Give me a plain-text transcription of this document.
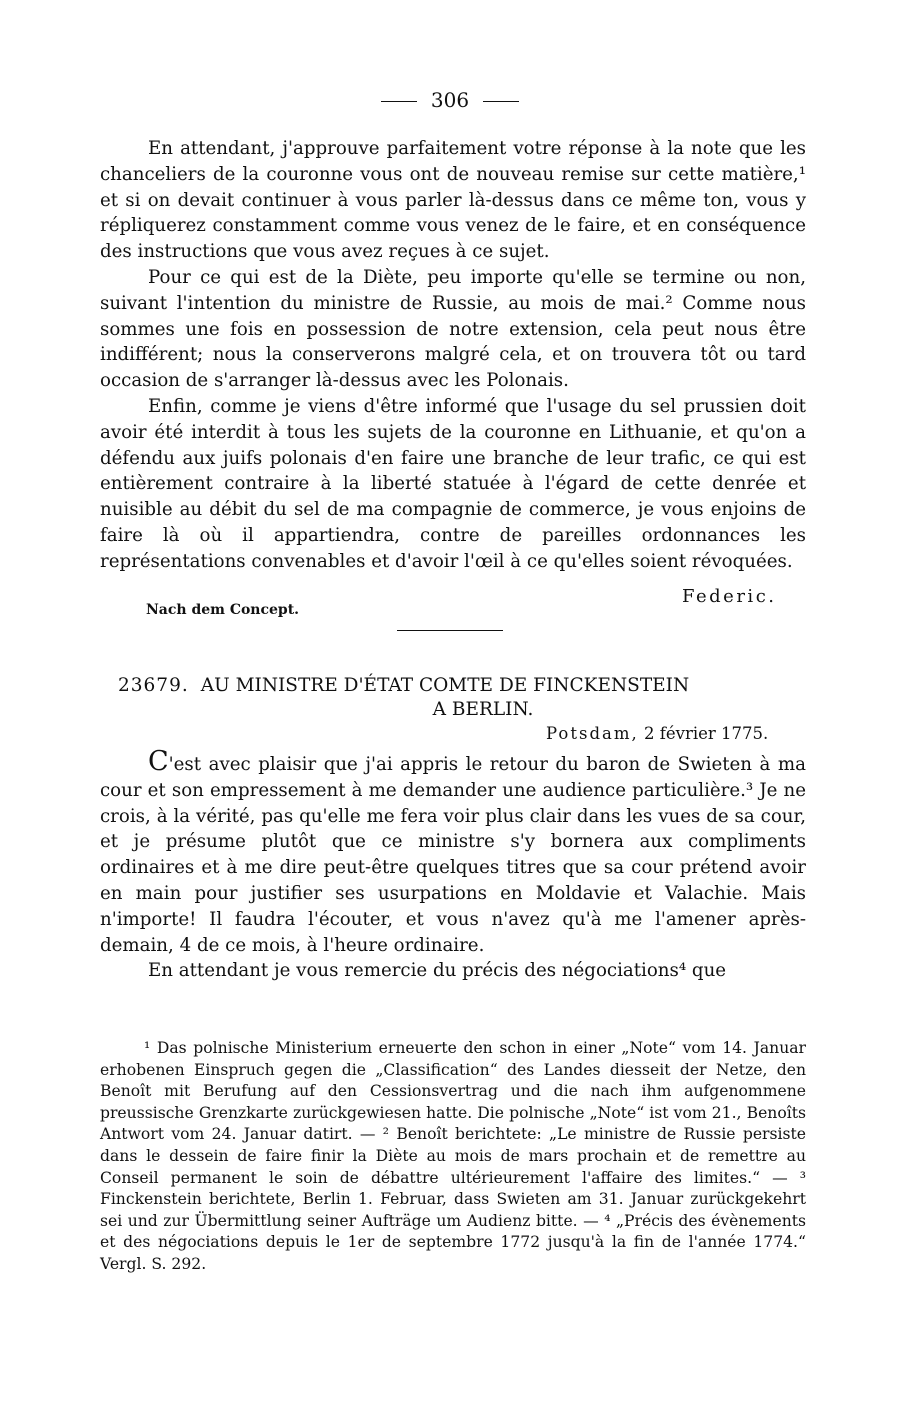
306

En attendant, j'approuve parfaitement votre réponse à la note que les chanceliers de la couronne vous ont de nouveau remise sur cette matière,¹ et si on devait continuer à vous parler là-dessus dans ce même ton, vous y répliquerez constamment comme vous venez de le faire, et en conséquence des instructions que vous avez reçues à ce sujet.

Pour ce qui est de la Diète, peu importe qu'elle se termine ou non, suivant l'intention du ministre de Russie, au mois de mai.² Comme nous sommes une fois en possession de notre extension, cela peut nous être indifférent; nous la conserverons malgré cela, et on trouvera tôt ou tard occasion de s'arranger là-dessus avec les Polonais.

Enfin, comme je viens d'être informé que l'usage du sel prussien doit avoir été interdit à tous les sujets de la couronne en Lithuanie, et qu'on a défendu aux juifs polonais d'en faire une branche de leur trafic, ce qui est entièrement contraire à la liberté statuée à l'égard de cette denrée et nuisible au débit du sel de ma compagnie de commerce, je vous enjoins de faire là où il appartiendra, contre de pareilles ordonnances les représentations convenables et d'avoir l'œil à ce qu'elles soient révoquées.

Federic.
Nach dem Concept.
23679. AU MINISTRE D'ÉTAT COMTE DE FINCKENSTEIN
A BERLIN.
Potsdam, 2 février 1775.

C'est avec plaisir que j'ai appris le retour du baron de Swieten à ma cour et son empressement à me demander une audience particulière.³ Je ne crois, à la vérité, pas qu'elle me fera voir plus clair dans les vues de sa cour, et je présume plutôt que ce ministre s'y bornera aux compliments ordinaires et à me dire peut-être quelques titres que sa cour prétend avoir en main pour justifier ses usurpations en Moldavie et Valachie. Mais n'importe! Il faudra l'écouter, et vous n'avez qu'à me l'amener après-demain, 4 de ce mois, à l'heure ordinaire.

En attendant je vous remercie du précis des négociations⁴ que

¹ Das polnische Ministerium erneuerte den schon in einer „Note“ vom 14. Januar erhobenen Einspruch gegen die „Classification“ des Landes diesseit der Netze, den Benoît mit Berufung auf den Cessionsvertrag und die nach ihm aufgenommene preussische Grenzkarte zurückgewiesen hatte. Die polnische „Note“ ist vom 21., Benoîts Antwort vom 24. Januar datirt. — ² Benoît berichtete: „Le ministre de Russie persiste dans le dessein de faire finir la Diète au mois de mars prochain et de remettre au Conseil permanent le soin de débattre ultérieurement l'affaire des limites.“ — ³ Finckenstein berichtete, Berlin 1. Februar, dass Swieten am 31. Januar zurückgekehrt sei und zur Übermittlung seiner Aufträge um Audienz bitte. — ⁴ „Précis des évènements et des négociations depuis le 1er de septembre 1772 jusqu'à la fin de l'année 1774.“ Vergl. S. 292.
